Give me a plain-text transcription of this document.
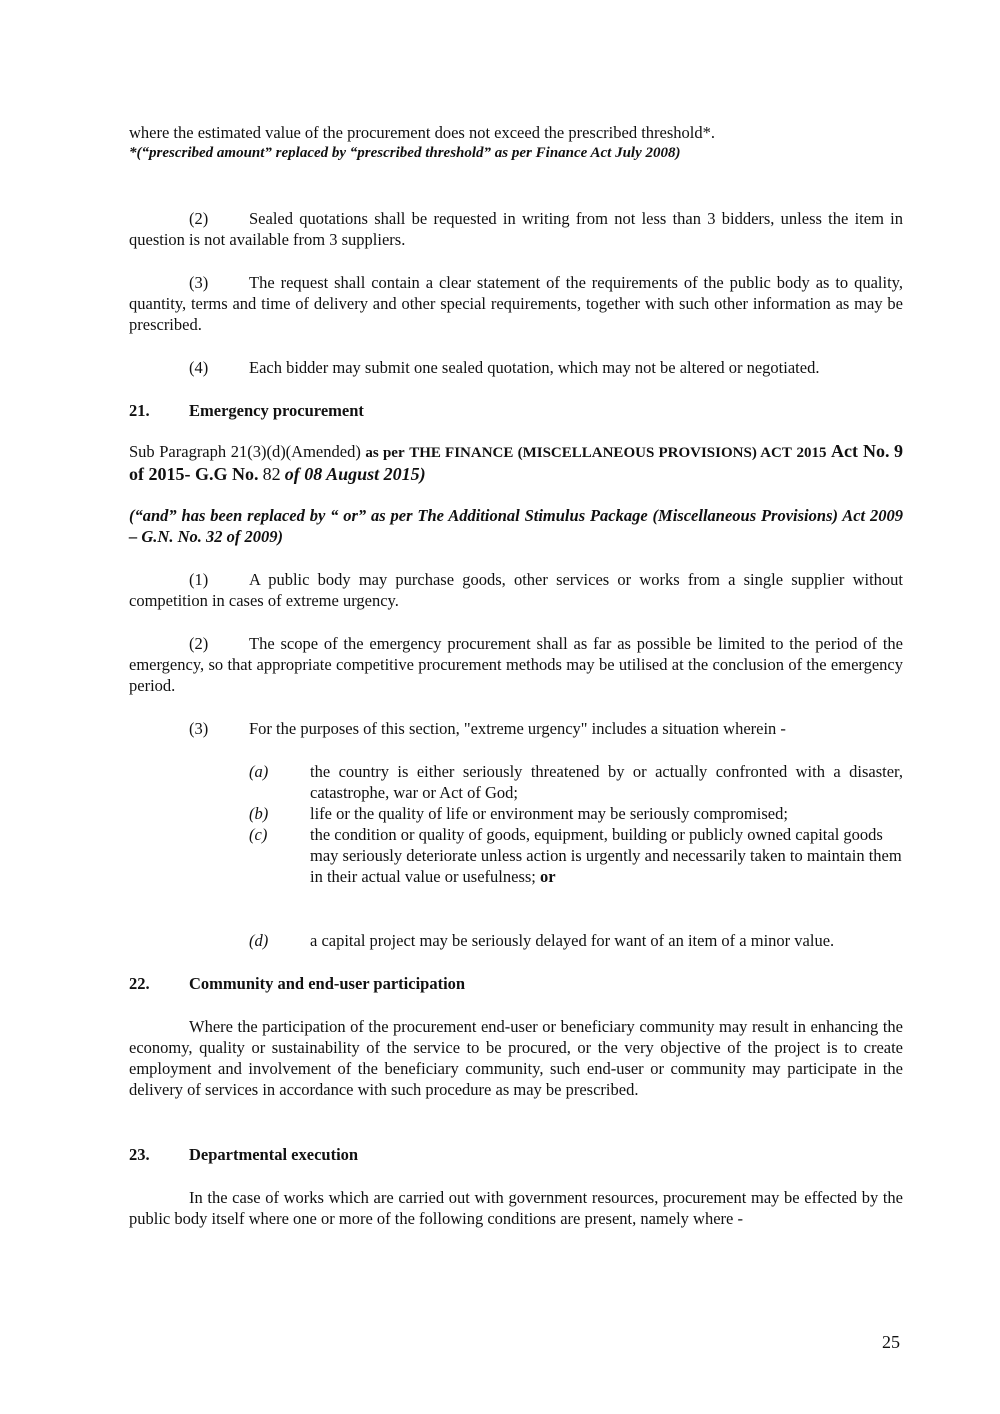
where the estimated value of the procurement does not exceed the prescribed threshold*.

*(“prescribed amount” replaced by “prescribed threshold” as per Finance Act July 2008)

(2) Sealed quotations shall be requested in writing from not less than 3 bidders, unless the item in question is not available from 3 suppliers.

(3) The request shall contain a clear statement of the requirements of the public body as to quality, quantity, terms and time of delivery and other special requirements, together with such other information as may be prescribed.

(4) Each bidder may submit one sealed quotation, which may not be altered or negotiated.

21. Emergency procurement

Sub Paragraph 21(3)(d)(Amended) as per THE FINANCE (MISCELLANEOUS PROVISIONS) ACT 2015 Act No. 9 of 2015- G.G No. 82 of 08 August 2015)

(“and” has been replaced by “ or” as per The Additional Stimulus Package (Miscellaneous Provisions) Act 2009 – G.N. No. 32 of 2009)

(1) A public body may purchase goods, other services or works from a single supplier without competition in cases of extreme urgency.

(2) The scope of the emergency procurement shall as far as possible be limited to the period of the emergency, so that appropriate competitive procurement methods may be utilised at the conclusion of the emergency period.

(3) For the purposes of this section, "extreme urgency" includes a situation wherein -

(a)	the country is either seriously threatened by or actually confronted with a disaster, catastrophe, war or Act of God;
(b)	life or the quality of life or environment may be seriously compromised;
(c)	the condition or quality of goods, equipment, building or publicly owned capital goods may seriously deteriorate unless action is urgently and necessarily taken to maintain them in their actual value or usefulness; or
(d)	a capital project may be seriously delayed for want of an item of a minor value.

22. Community and end-user participation

Where the participation of the procurement end-user or beneficiary community may result in enhancing the economy, quality or sustainability of the service to be procured, or the very objective of the project is to create employment and involvement of the beneficiary community, such end-user or community may participate in the delivery of services in accordance with such procedure as may be prescribed.

23. Departmental execution

In the case of works which are carried out with government resources, procurement may be effected by the public body itself where one or more of the following conditions are present, namely where -

25
